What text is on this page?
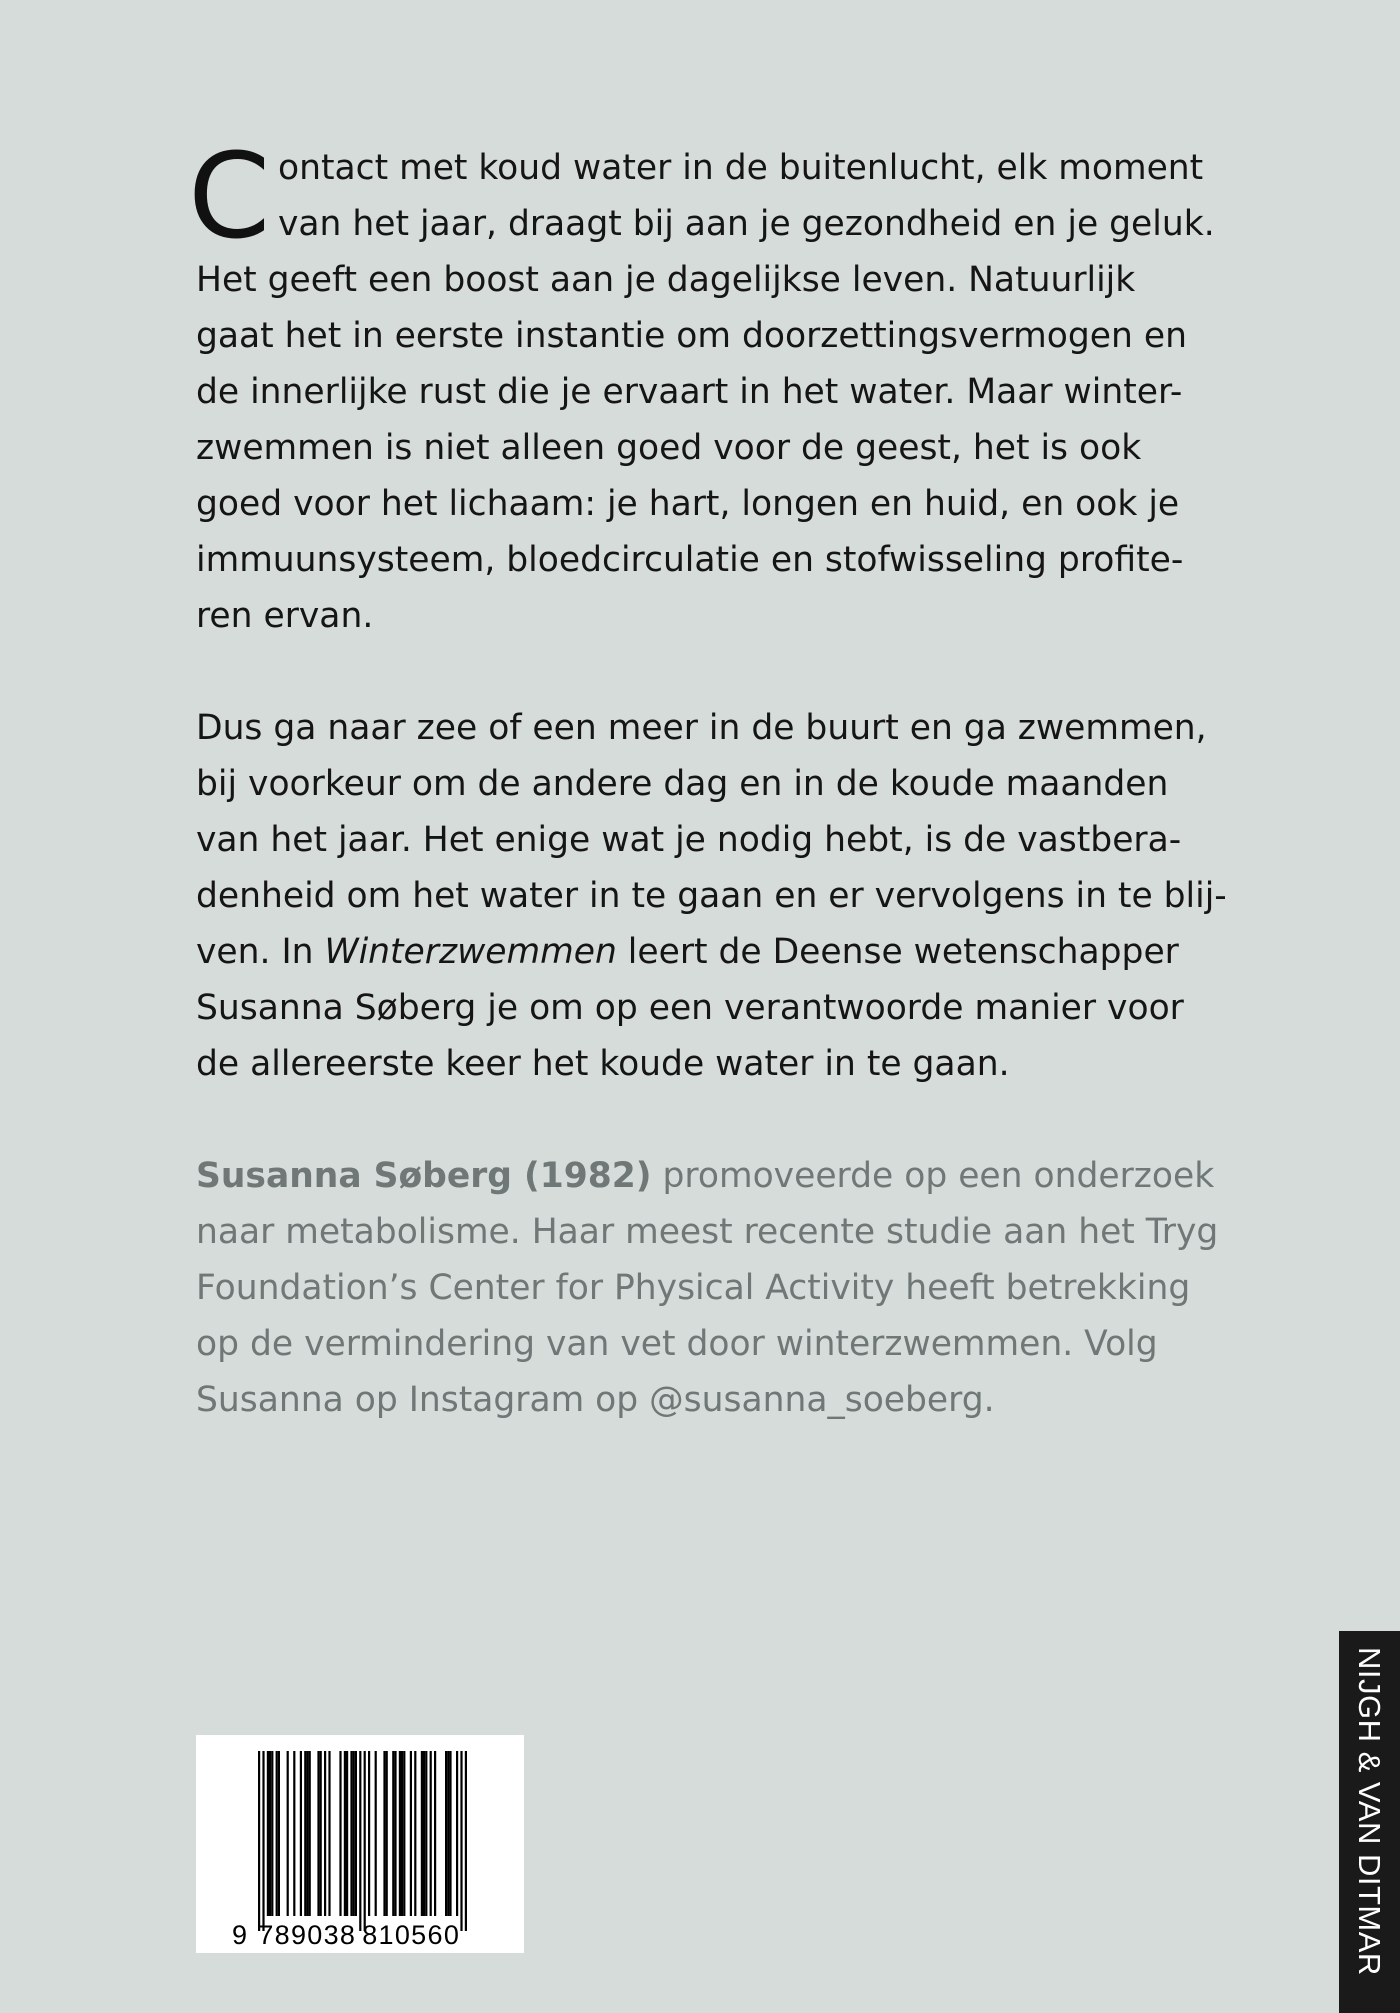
C ontact met koud water in de buitenlucht, elk moment
van het jaar, draagt bij aan je gezondheid en je geluk.
Het geeft een boost aan je dagelijkse leven. Natuurlijk
gaat het in eerste instantie om doorzettingsvermogen en
de innerlijke rust die je ervaart in het water. Maar winter-
zwemmen is niet alleen goed voor de geest, het is ook
goed voor het lichaam: je hart, longen en huid, en ook je
immuunsysteem, bloedcirculatie en stofwisseling profite-
ren ervan.
Dus ga naar zee of een meer in de buurt en ga zwemmen,
bij voorkeur om de andere dag en in de koude maanden
van het jaar. Het enige wat je nodig hebt, is de vastbera-
denheid om het water in te gaan en er vervolgens in te blij-
ven. In Winterzwemmen leert de Deense wetenschapper
Susanna Søberg je om op een verantwoorde manier voor
de allereerste keer het koude water in te gaan.
Susanna Søberg (1982) promoveerde op een onderzoek
naar metabolisme. Haar meest recente studie aan het Tryg
Foundation’s Center for Physical Activity heeft betrekking
op de vermindering van vet door winterzwemmen. Volg
Susanna op Instagram op @susanna_soeberg.
9 789038 810560	NIJGH & VAN DITMAR
